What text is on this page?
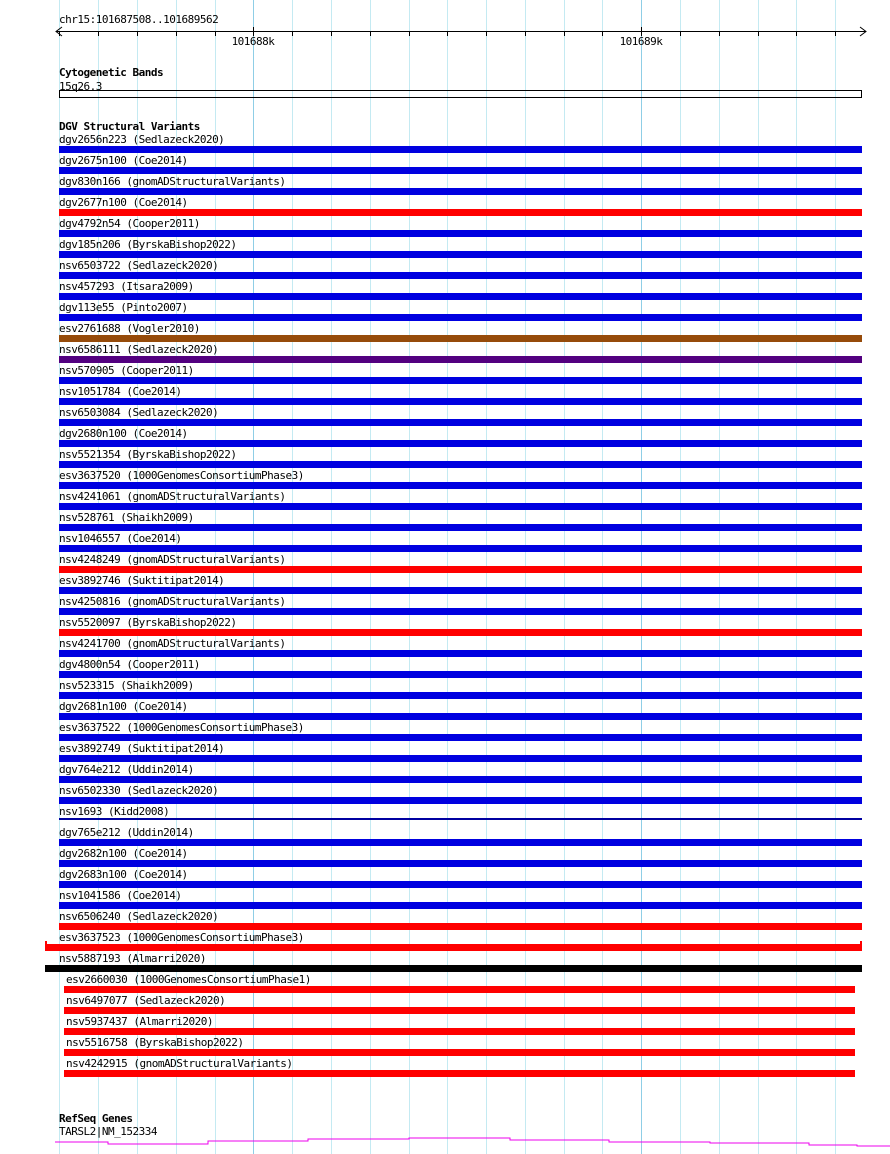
chr15:101687508..101689562
101688k	101689k
Cytogenetic Bands
15q26.3
DGV Structural Variants
dgv2656n223 (Sedlazeck2020)
dgv2675n100 (Coe2014)
dgv830n166 (gnomADStructuralVariants)
dgv2677n100 (Coe2014)
dgv4792n54 (Cooper2011)
dgv185n206 (ByrskaBishop2022)
nsv6503722 (Sedlazeck2020)
nsv457293 (Itsara2009)
dgv113e55 (Pinto2007)
esv2761688 (Vogler2010)
nsv6586111 (Sedlazeck2020)
nsv570905 (Cooper2011)
nsv1051784 (Coe2014)
nsv6503084 (Sedlazeck2020)
dgv2680n100 (Coe2014)
nsv5521354 (ByrskaBishop2022)
esv3637520 (1000GenomesConsortiumPhase3)
nsv4241061 (gnomADStructuralVariants)
nsv528761 (Shaikh2009)
nsv1046557 (Coe2014)
nsv4248249 (gnomADStructuralVariants)
esv3892746 (Suktitipat2014)
nsv4250816 (gnomADStructuralVariants)
nsv5520097 (ByrskaBishop2022)
nsv4241700 (gnomADStructuralVariants)
dgv4800n54 (Cooper2011)
nsv523315 (Shaikh2009)
dgv2681n100 (Coe2014)
esv3637522 (1000GenomesConsortiumPhase3)
esv3892749 (Suktitipat2014)
dgv764e212 (Uddin2014)
nsv6502330 (Sedlazeck2020)
nsv1693 (Kidd2008)
dgv765e212 (Uddin2014)
dgv2682n100 (Coe2014)
dgv2683n100 (Coe2014)
nsv1041586 (Coe2014)
nsv6506240 (Sedlazeck2020)
esv3637523 (1000GenomesConsortiumPhase3)
nsv5887193 (Almarri2020)
esv2660030 (1000GenomesConsortiumPhase1)
nsv6497077 (Sedlazeck2020)
nsv5937437 (Almarri2020)
nsv5516758 (ByrskaBishop2022)
nsv4242915 (gnomADStructuralVariants)
RefSeq Genes
TARSL2|NM_152334
